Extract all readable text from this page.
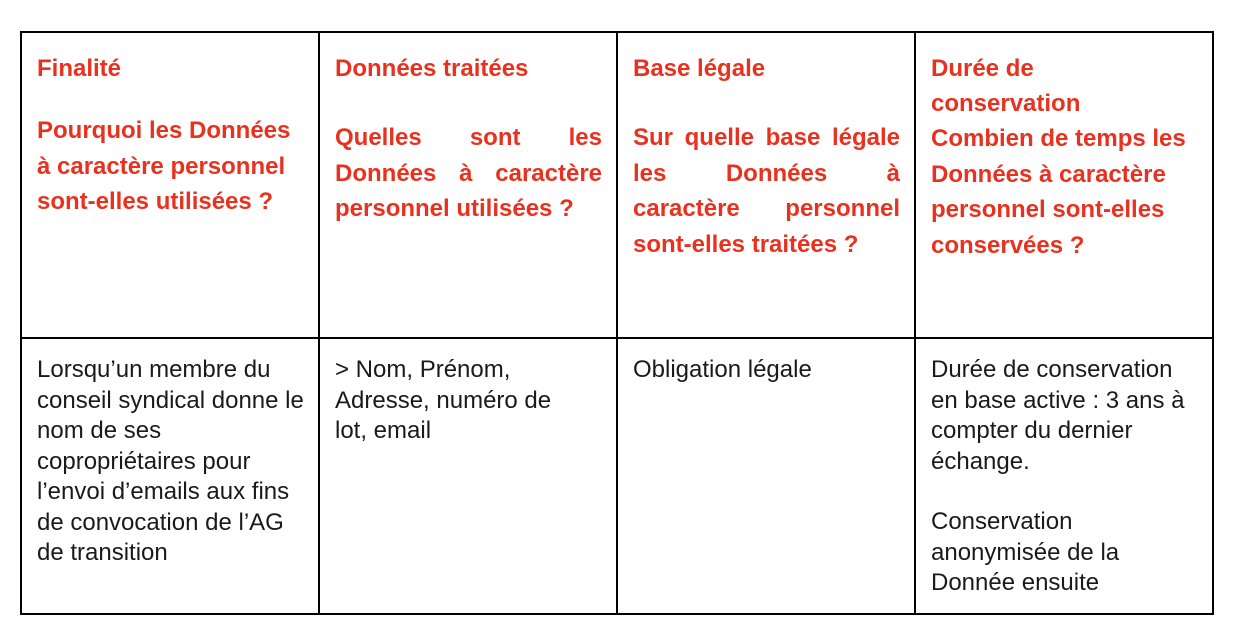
Finalité

Pourquoi les Données à caractère personnel sont-elles utilisées ?

Données traitées

Quelles sont les Données à caractère personnel utilisées ?

Base légale

Sur quelle base légale les Données à caractère personnel sont-elles traitées ?

Durée de conservation

Combien de temps les Données à caractère personnel sont-elles conservées ?

Lorsqu’un membre du conseil syndical donne le nom de ses copropriétaires pour l’envoi d’emails aux fins de convocation de l’AG de transition

> Nom, Prénom, Adresse, numéro de lot, email

Obligation légale	Durée de conservation en base active : 3 ans à compter du dernier échange.

Conservation anonymisée de la Donnée ensuite
